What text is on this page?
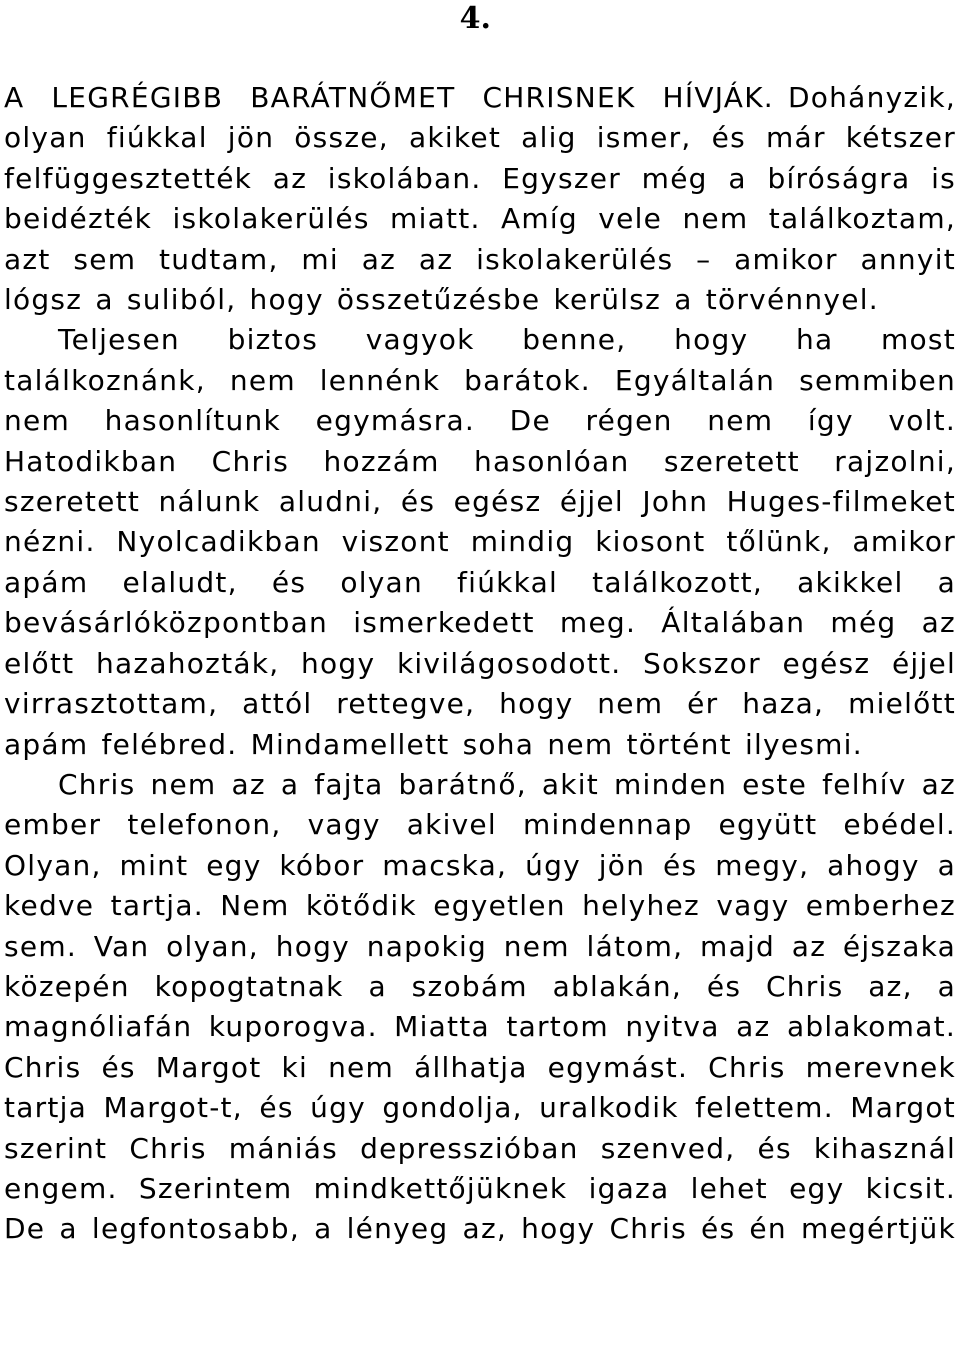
4.

A LEGRÉGIBB BARÁTNŐMET CHRISNEK HÍVJÁK. Dohányzik, olyan fiúkkal jön össze, akiket alig ismer, és már kétszer felfüggesztették az iskolában. Egyszer még a bíróságra is beidézték iskolakerülés miatt. Amíg vele nem találkoztam, azt sem tudtam, mi az az iskolakerülés – amikor annyit lógsz a suliból, hogy összetűzésbe kerülsz a törvénnyel.

Teljesen biztos vagyok benne, hogy ha most találkoznánk, nem lennénk barátok. Egyáltalán semmiben nem hasonlítunk egymásra. De régen nem így volt. Hatodikban Chris hozzám hasonlóan szeretett rajzolni, szeretett nálunk aludni, és egész éjjel John Huges-filmeket nézni. Nyolcadikban viszont mindig kiosont tőlünk, amikor apám elaludt, és olyan fiúkkal találkozott, akikkel a bevásárlóközpontban ismerkedett meg. Általában még az előtt hazahozták, hogy kivilágosodott. Sokszor egész éjjel virrasztottam, attól rettegve, hogy nem ér haza, mielőtt apám felébred. Mindamellett soha nem történt ilyesmi.

Chris nem az a fajta barátnő, akit minden este felhív az ember telefonon, vagy akivel mindennap együtt ebédel. Olyan, mint egy kóbor macska, úgy jön és megy, ahogy a kedve tartja. Nem kötődik egyetlen helyhez vagy emberhez sem. Van olyan, hogy napokig nem látom, majd az éjszaka közepén kopogtatnak a szobám ablakán, és Chris az, a magnóliafán kuporogva. Miatta tartom nyitva az ablakomat. Chris és Margot ki nem állhatja egymást. Chris merevnek tartja Margot-t, és úgy gondolja, uralkodik felettem. Margot szerint Chris mániás depresszióban szenved, és kihasznál engem. Szerintem mindkettőjüknek igaza lehet egy kicsit. De a legfontosabb, a lényeg az, hogy Chris és én megértjük
